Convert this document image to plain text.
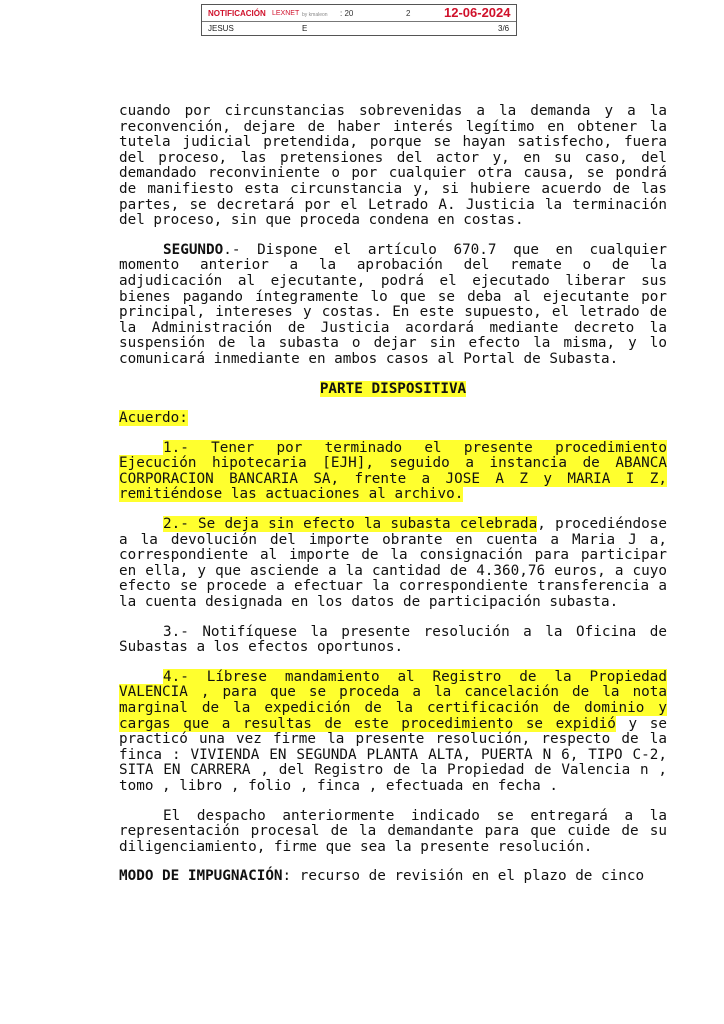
NOTIFICACIÓN LEXNET by kmaleon : 20	2	12-06-2024
JESUS	E	3/6

cuando por circunstancias sobrevenidas a la demanda y a la reconvención, dejare de haber interés legítimo en obtener la tutela judicial pretendida, porque se hayan satisfecho, fuera del proceso, las pretensiones del actor y, en su caso, del demandado reconviniente o por cualquier otra causa, se pondrá de manifiesto esta circunstancia y, si hubiere acuerdo de las partes, se decretará por el Letrado A. Justicia la terminación del proceso, sin que proceda condena en costas.

SEGUNDO.- Dispone el artículo 670.7 que en cualquier momento anterior a la aprobación del remate o de la adjudicación al ejecutante, podrá el ejecutado liberar sus bienes pagando íntegramente lo que se deba al ejecutante por principal, intereses y costas. En este supuesto, el letrado de la Administración de Justicia acordará mediante decreto la suspensión de la subasta o dejar sin efecto la misma, y lo comunicará inmediante en ambos casos al Portal de Subasta.

PARTE DISPOSITIVA

Acuerdo:

1.- Tener por terminado el presente procedimiento Ejecución hipotecaria [EJH], seguido a instancia de ABANCA CORPORACION BANCARIA SA, frente a JOSE A Z y MARIA I Z, remitiéndose las actuaciones al archivo.

2.- Se deja sin efecto la subasta celebrada, procediéndose a la devolución del importe obrante en cuenta a Maria J a, correspondiente al importe de la consignación para participar en ella, y que asciende a la cantidad de 4.360,76 euros, a cuyo efecto se procede a efectuar la correspondiente transferencia a la cuenta designada en los datos de participación subasta.

3.- Notifíquese la presente resolución a la Oficina de Subastas a los efectos oportunos.

4.- Líbrese mandamiento al Registro de la Propiedad VALENCIA , para que se proceda a la cancelación de la nota marginal de la expedición de la certificación de dominio y cargas que a resultas de este procedimiento se expidió y se practicó una vez firme la presente resolución, respecto de la finca : VIVIENDA EN SEGUNDA PLANTA ALTA, PUERTA N 6, TIPO C-2, SITA EN CARRERA , del Registro de la Propiedad de Valencia n , tomo , libro , folio , finca , efectuada en fecha .

El despacho anteriormente indicado se entregará a la representación procesal de la demandante para que cuide de su diligenciamiento, firme que sea la presente resolución.

MODO DE IMPUGNACIÓN: recurso de revisión en el plazo de cinco
